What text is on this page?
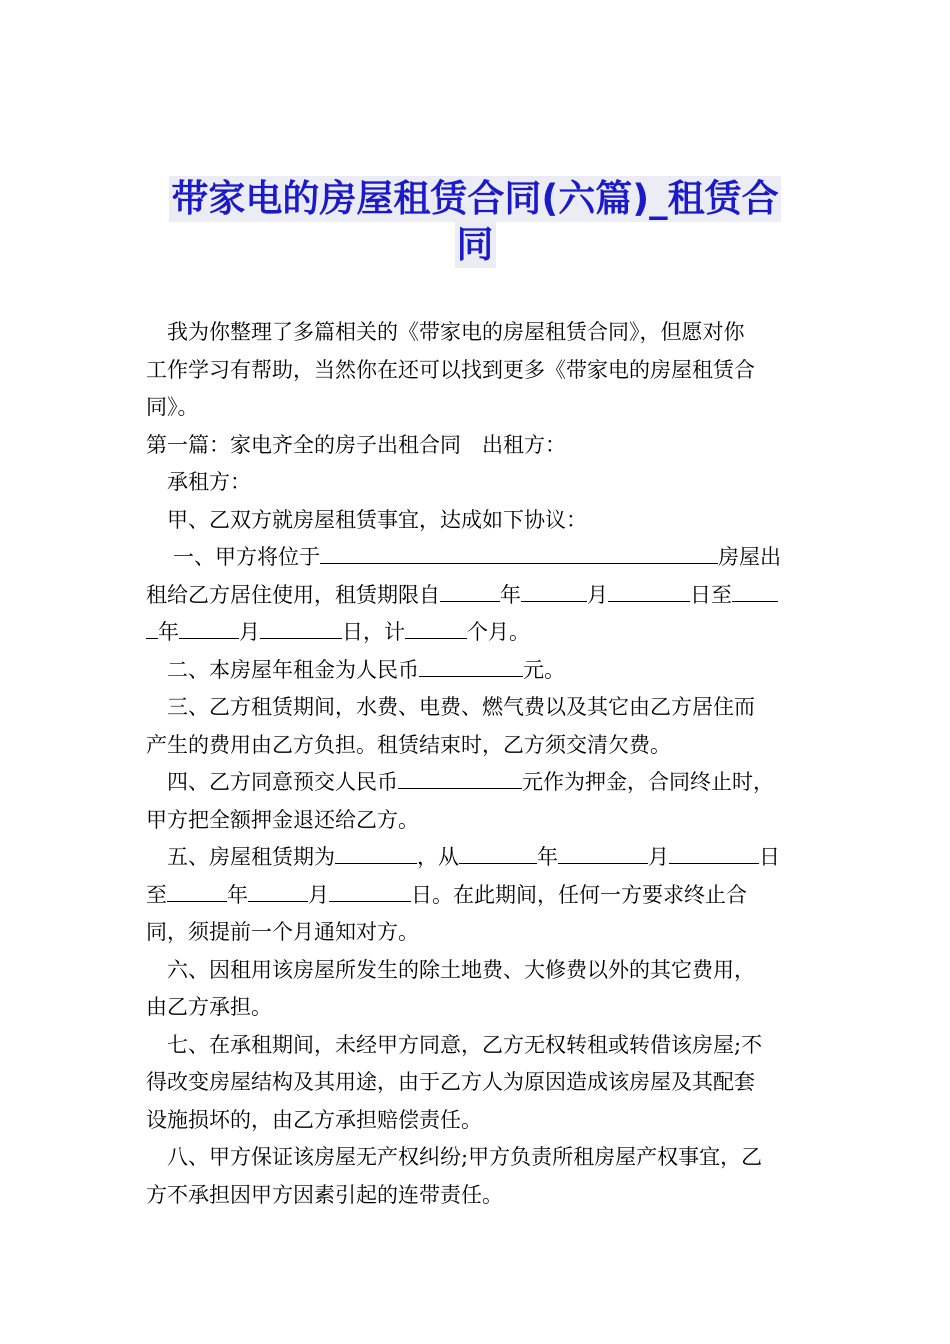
带家电的房屋租赁合同(六篇)_租赁合
同
我为你整理了多篇相关的《带家电的房屋租赁合同》，但愿对你
工作学习有帮助，当然你在还可以找到更多《带家电的房屋租赁合
同》。
第一篇：家电齐全的房子出租合同　出租方：
承租方：
甲、乙双方就房屋租赁事宜，达成如下协议：
一、甲方将位于	房屋出
租给乙方居住使用，租赁期限自	年	月	日至
年	月	日，计	个月。
二、本房屋年租金为人民币	元。
三、乙方租赁期间，水费、电费、燃气费以及其它由乙方居住而
产生的费用由乙方负担。租赁结束时，乙方须交清欠费。
四、乙方同意预交人民币	元作为押金，合同终止时，
甲方把全额押金退还给乙方。
五、房屋租赁期为	，从	年	月	日
至	年	月	日。在此期间，任何一方要求终止合
同，须提前一个月通知对方。
六、因租用该房屋所发生的除土地费、大修费以外的其它费用，
由乙方承担。
七、在承租期间，未经甲方同意，乙方无权转租或转借该房屋;不
得改变房屋结构及其用途，由于乙方人为原因造成该房屋及其配套
设施损坏的，由乙方承担赔偿责任。
八、甲方保证该房屋无产权纠纷;甲方负责所租房屋产权事宜，乙
方不承担因甲方因素引起的连带责任。
